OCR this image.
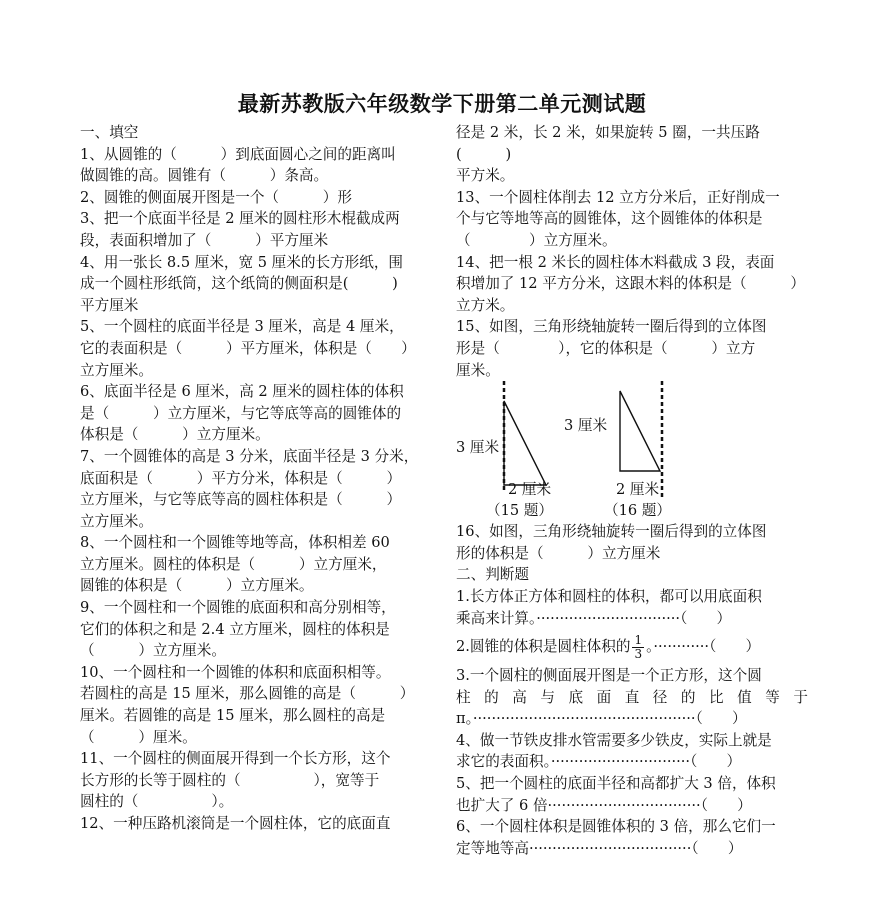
最新苏教版六年级数学下册第二单元测试题

一、填空

1、从圆锥的（　　　）到底面圆心之间的距离叫

做圆锥的高。圆锥有（　　　）条高。

2、圆锥的侧面展开图是一个（　　　）形

3、把一个底面半径是 2 厘米的圆柱形木棍截成两

段，表面积增加了（　　　）平方厘米

4、用一张长 8.5 厘米，宽 5 厘米的长方形纸，围

成一个圆柱形纸筒，这个纸筒的侧面积是(　　　)

平方厘米

5、一个圆柱的底面半径是 3 厘米，高是 4 厘米，

它的表面积是（　　　）平方厘米，体积是（　　）

立方厘米。

6、底面半径是 6 厘米，高 2 厘米的圆柱体的体积

是（　　　）立方厘米，与它等底等高的圆锥体的

体积是（　　　）立方厘米。

7、一个圆锥体的高是 3 分米，底面半径是 3 分米，

底面积是（　　　）平方分米，体积是（　　　）

立方厘米，与它等底等高的圆柱体积是（　　　）

立方厘米。

8、一个圆柱和一个圆锥等地等高，体积相差 60

立方厘米。圆柱的体积是（　　　）立方厘米，

圆锥的体积是（　　　）立方厘米。

9、一个圆柱和一个圆锥的底面积和高分别相等，

它们的体积之和是 2.4 立方厘米，圆柱的体积是

（　　　）立方厘米。

10、一个圆柱和一个圆锥的体积和底面积相等。

若圆柱的高是 15 厘米，那么圆锥的高是（　　　）

厘米。若圆锥的高是 15 厘米，那么圆柱的高是

（　　　）厘米。

11、一个圆柱的侧面展开得到一个长方形，这个

长方形的长等于圆柱的（　　　　　），宽等于

圆柱的（　　　　　）。

12、一种压路机滚筒是一个圆柱体，它的底面直

径是 2 米，长 2 米，如果旋转 5 圈，一共压路(　　　)

平方米。

13、一个圆柱体削去 12 立方分米后，正好削成一

个与它等地等高的圆锥体，这个圆锥体的体积是

（　　　　）立方厘米。

14、把一根 2 米长的圆柱体木料截成 3 段，表面

积增加了 12 平方分米，这跟木料的体积是（　　　）

立方米。

15、如图，三角形绕轴旋转一圈后得到的立体图

形是（　　　　），它的体积是（　　　）立方

厘米。

3 厘米
2 厘米
（15 题）
3 厘米
2 厘米
（16 题）

16、如图，三角形绕轴旋转一圈后得到的立体图

形的体积是（　　　）立方厘米

二、判断题

1.长方体正方体和圆柱的体积，都可以用底面积

乘高来计算。·······························（　　）

2.圆锥的体积是圆柱体积的 $\frac{1}{3}$ 。············（　　）

3.一个圆柱的侧面展开图是一个正方形，这个圆

柱的高与底面直径的比值等于

π。················································（　　）

4、做一节铁皮排水管需要多少铁皮，实际上就是

求它的表面积。······························（　　）

5、把一个圆柱的底面半径和高都扩大 3 倍，体积

也扩大了 6 倍·································（　　）

6、一个圆柱体积是圆锥体积的 3 倍，那么它们一

定等地等高···································（　　）
